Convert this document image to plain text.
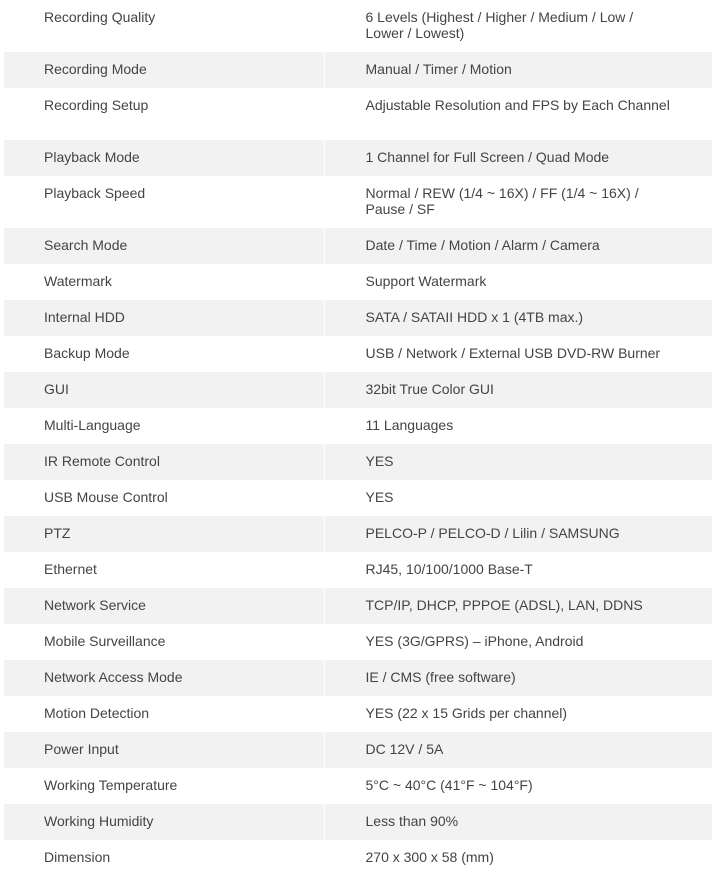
Recording Quality	6 Levels (Highest / Higher / Medium / Low / Lower / Lowest)
Recording Mode	Manual / Timer / Motion
Recording Setup	Adjustable Resolution and FPS by Each Channel
Playback Mode	1 Channel for Full Screen / Quad Mode
Playback Speed	Normal / REW (1/4 ~ 16X) / FF (1/4 ~ 16X) / Pause / SF
Search Mode	Date / Time / Motion / Alarm / Camera
Watermark	Support Watermark
Internal HDD	SATA / SATAII HDD x 1 (4TB max.)
Backup Mode	USB / Network / External USB DVD-RW Burner
GUI	32bit True Color GUI
Multi-Language	11 Languages
IR Remote Control	YES
USB Mouse Control	YES
PTZ	PELCO-P / PELCO-D / Lilin / SAMSUNG
Ethernet	RJ45, 10/100/1000 Base-T
Network Service	TCP/IP, DHCP, PPPOE (ADSL), LAN, DDNS
Mobile Surveillance	YES (3G/GPRS) – iPhone, Android
Network Access Mode	IE / CMS (free software)
Motion Detection	YES (22 x 15 Grids per channel)
Power Input	DC 12V / 5A
Working Temperature	5°C ~ 40°C (41°F ~ 104°F)
Working Humidity	Less than 90%
Dimension	270 x 300 x 58 (mm)
